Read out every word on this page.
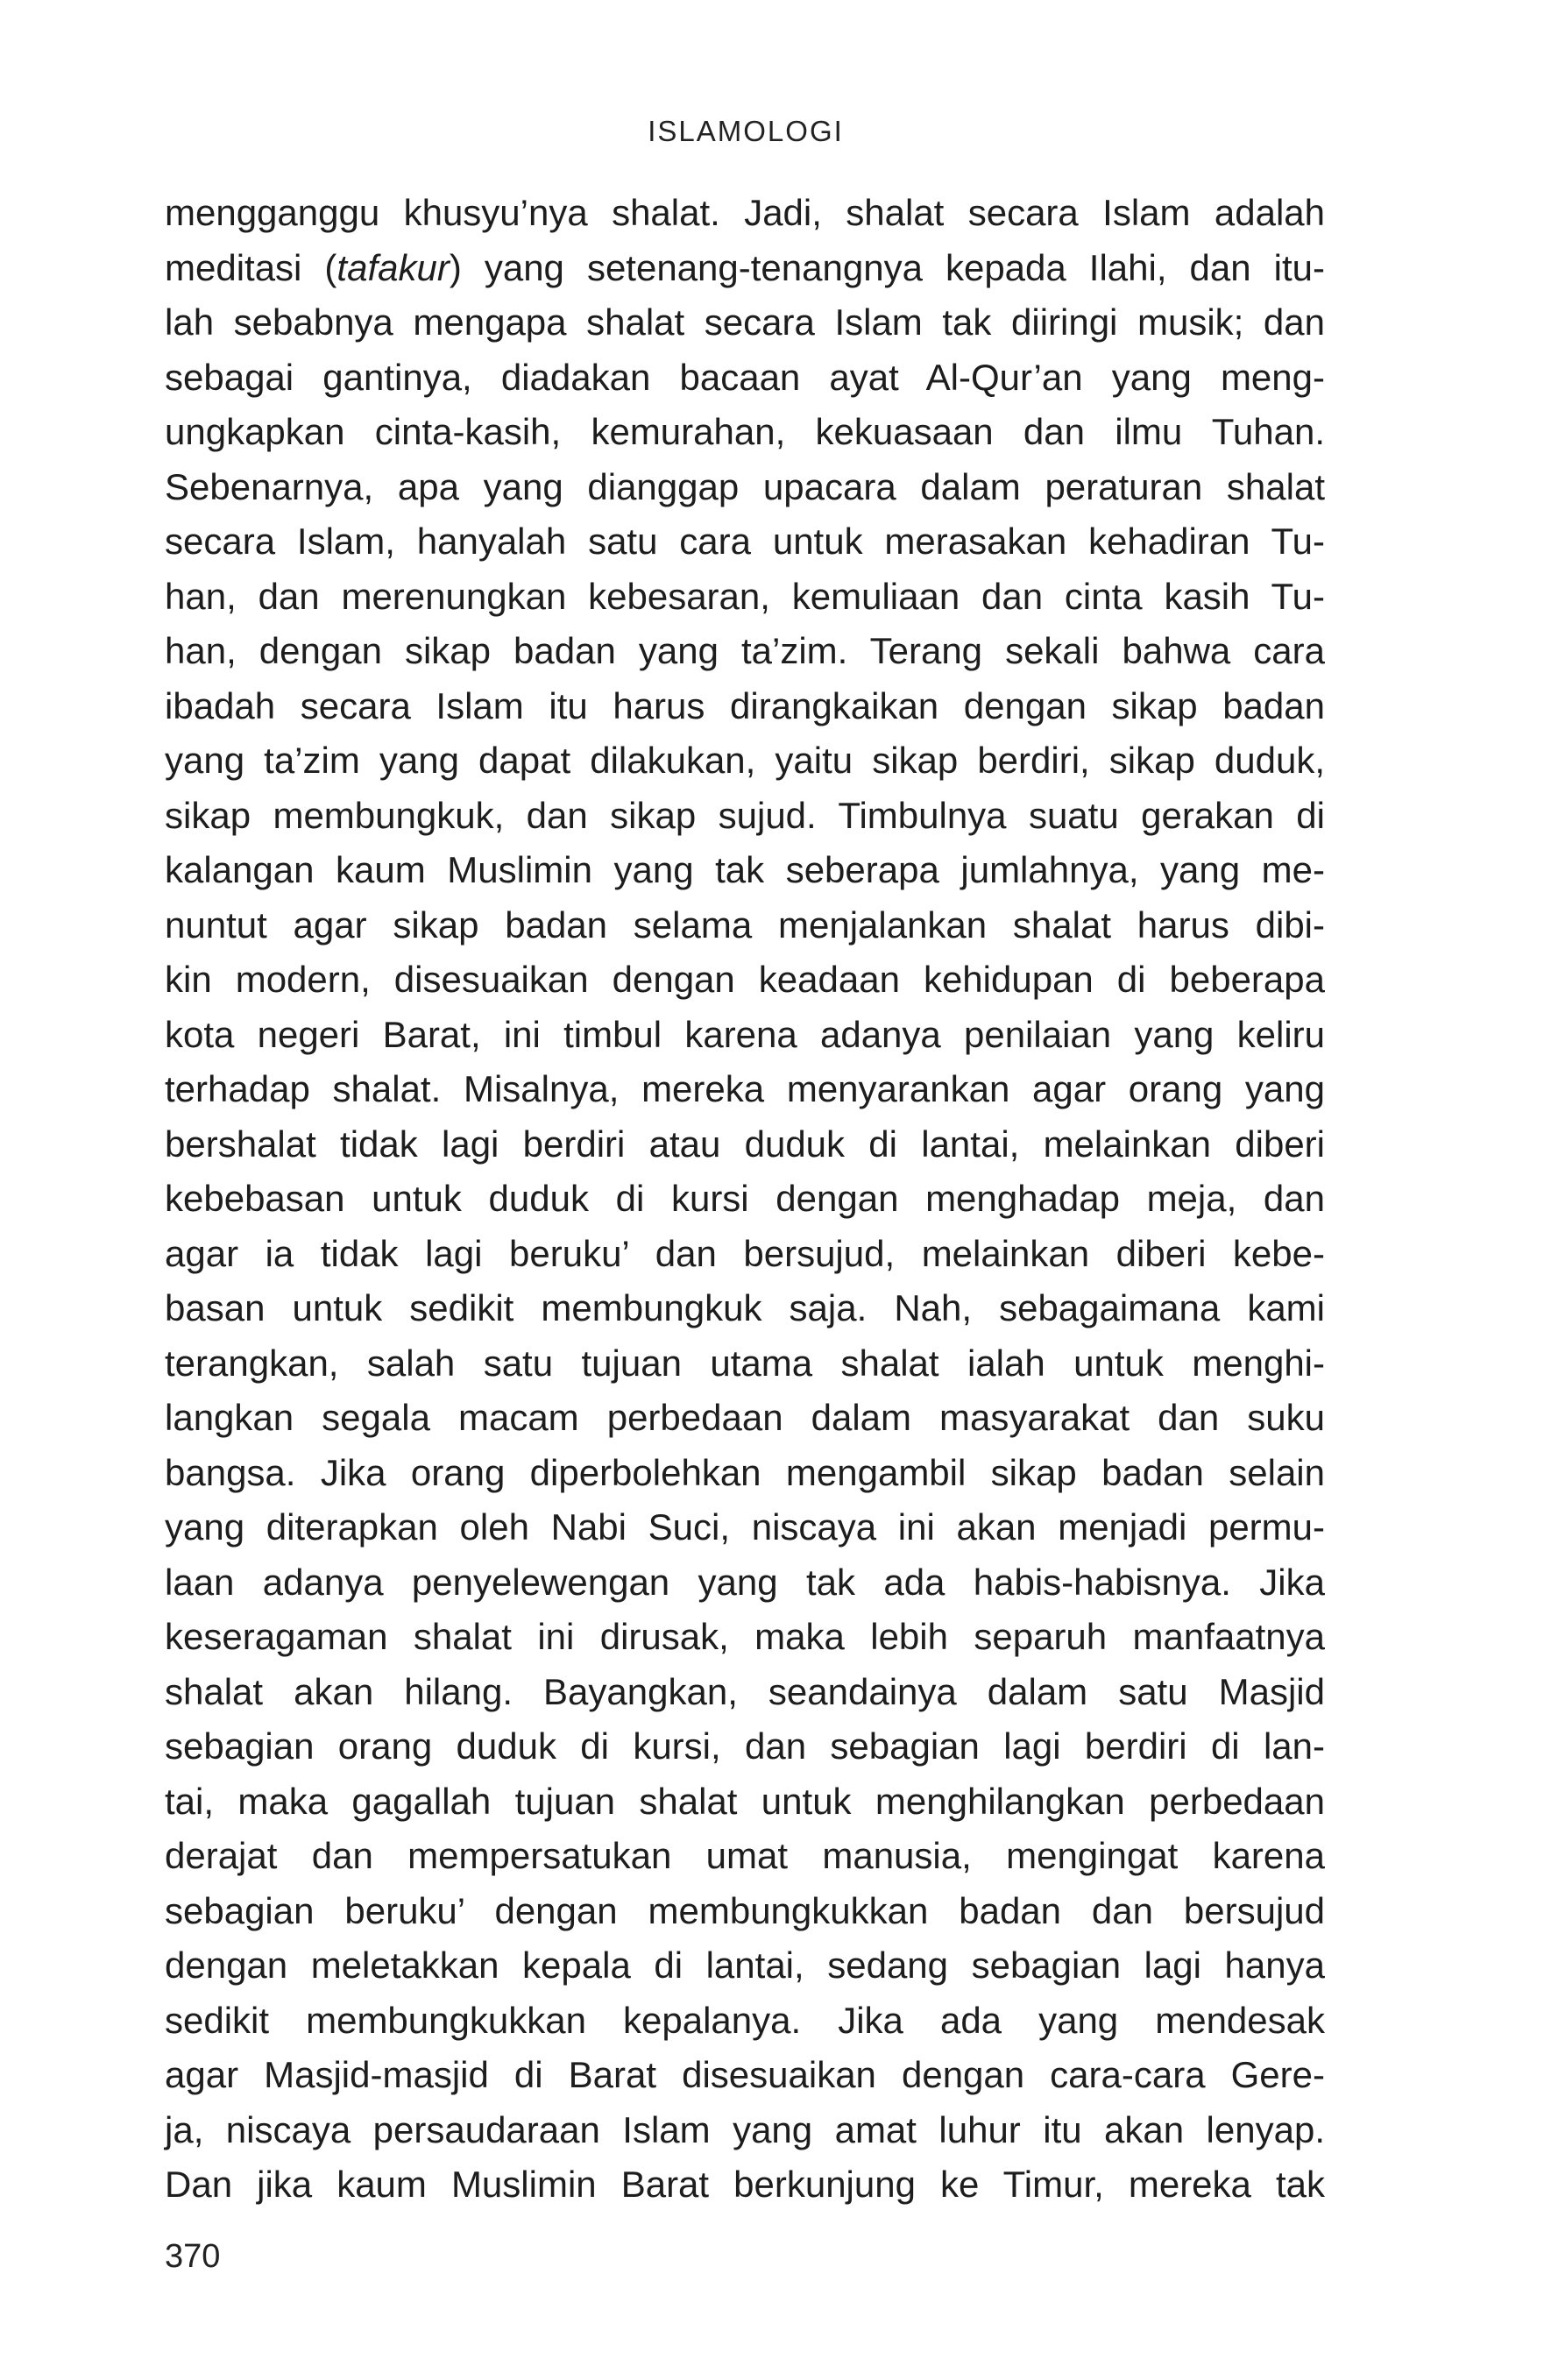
ISLAMOLOGI
mengganggu khusyu’nya shalat. Jadi, shalat secara Islam adalah
meditasi (tafakur) yang setenang-tenangnya kepada Ilahi, dan itu-
lah sebabnya mengapa shalat secara Islam tak diiringi musik; dan
sebagai gantinya, diadakan bacaan ayat Al-Qur’an yang meng-
ungkapkan cinta-kasih, kemurahan, kekuasaan dan ilmu Tuhan.
Sebenarnya, apa yang dianggap upacara dalam peraturan shalat
secara Islam, hanyalah satu cara untuk merasakan kehadiran Tu-
han, dan merenungkan kebesaran, kemuliaan dan cinta kasih Tu-
han, dengan sikap badan yang ta’zim. Terang sekali bahwa cara
ibadah secara Islam itu harus dirangkaikan dengan sikap badan
yang ta’zim yang dapat dilakukan, yaitu sikap berdiri, sikap duduk,
sikap membungkuk, dan sikap sujud. Timbulnya suatu gerakan di
kalangan kaum Muslimin yang tak seberapa jumlahnya, yang me-
nuntut agar sikap badan selama menjalankan shalat harus dibi-
kin modern, disesuaikan dengan keadaan kehidupan di beberapa
kota negeri Barat, ini timbul karena adanya penilaian yang keliru
terhadap shalat. Misalnya, mereka menyarankan agar orang yang
bershalat tidak lagi berdiri atau duduk di lantai, melainkan diberi
kebebasan untuk duduk di kursi dengan menghadap meja, dan
agar ia tidak lagi beruku’ dan bersujud, melainkan diberi kebe-
basan untuk sedikit membungkuk saja. Nah, sebagaimana kami
terangkan, salah satu tujuan utama shalat ialah untuk menghi-
langkan segala macam perbedaan dalam masyarakat dan suku
bangsa. Jika orang diperbolehkan mengambil sikap badan selain
yang diterapkan oleh Nabi Suci, niscaya ini akan menjadi permu-
laan adanya penyelewengan yang tak ada habis-habisnya. Jika
keseragaman shalat ini dirusak, maka lebih separuh manfaatnya
shalat akan hilang. Bayangkan, seandainya dalam satu Masjid
sebagian orang duduk di kursi, dan sebagian lagi berdiri di lan-
tai, maka gagallah tujuan shalat untuk menghilangkan perbedaan
derajat dan mempersatukan umat manusia, mengingat karena
sebagian beruku’ dengan membungkukkan badan dan bersujud
dengan meletakkan kepala di lantai, sedang sebagian lagi hanya
sedikit membungkukkan kepalanya. Jika ada yang mendesak
agar Masjid-masjid di Barat disesuaikan dengan cara-cara Gere-
ja, niscaya persaudaraan Islam yang amat luhur itu akan lenyap.
Dan jika kaum Muslimin Barat berkunjung ke Timur, mereka tak
370
